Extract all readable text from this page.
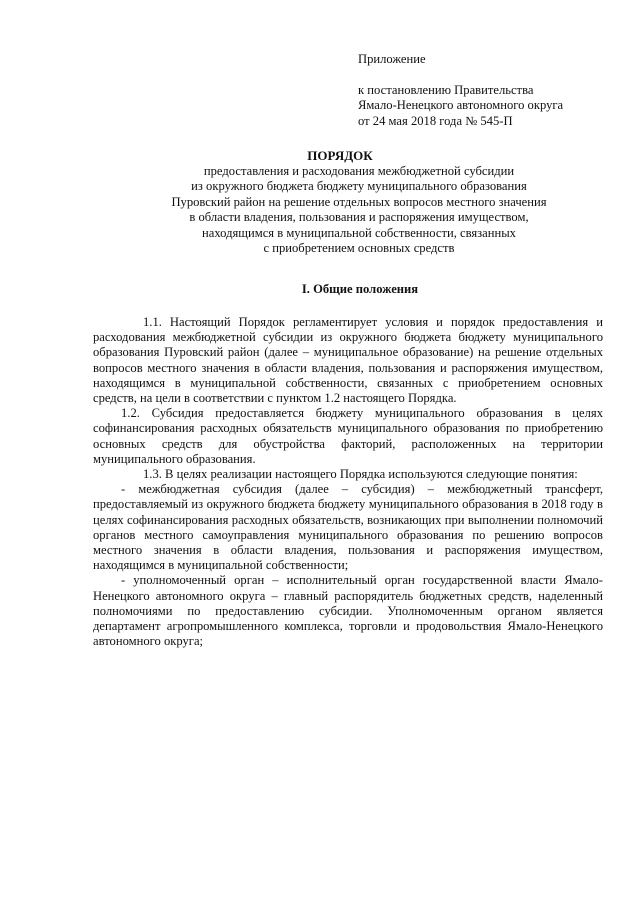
Приложение
к постановлению Правительства
Ямало-Ненецкого автономного округа
от 24 мая 2018 года № 545-П
ПОРЯДОК
предоставления и расходования межбюджетной субсидии
из окружного бюджета бюджету муниципального образования
Пуровский район на решение отдельных вопросов местного значения
в области владения, пользования и распоряжения имуществом,
находящимся в муниципальной собственности, связанных
с приобретением основных средств
I. Общие положения

1.1. Настоящий Порядок регламентирует условия и порядок предоставления и расходования межбюджетной субсидии из окружного бюджета бюджету муниципального образования Пуровский район (далее – муниципальное образование) на решение отдельных вопросов местного значения в области владения, пользования и распоряжения имуществом, находящимся в муниципальной собственности, связанных с приобретением основных средств, на цели в соответствии с пунктом 1.2 настоящего Порядка.

1.2. Субсидия предоставляется бюджету муниципального образования в целях софинансирования расходных обязательств муниципального образования по приобретению основных средств для обустройства факторий, расположенных на территории муниципального образования.

1.3. В целях реализации настоящего Порядка используются следующие понятия:

- межбюджетная субсидия (далее – субсидия) – межбюджетный трансферт, предоставляемый из окружного бюджета бюджету муниципального образования в 2018 году в целях софинансирования расходных обязательств, возникающих при выполнении полномочий органов местного самоуправления муниципального образования по решению вопросов местного значения в области владения, пользования и распоряжения имуществом, находящимся в муниципальной собственности;

- уполномоченный орган – исполнительный орган государственной власти Ямало-Ненецкого автономного округа – главный распорядитель бюджетных средств, наделенный полномочиями по предоставлению субсидии. Уполномоченным органом является департамент агропромышленного комплекса, торговли и продовольствия Ямало-Ненецкого автономного округа;
